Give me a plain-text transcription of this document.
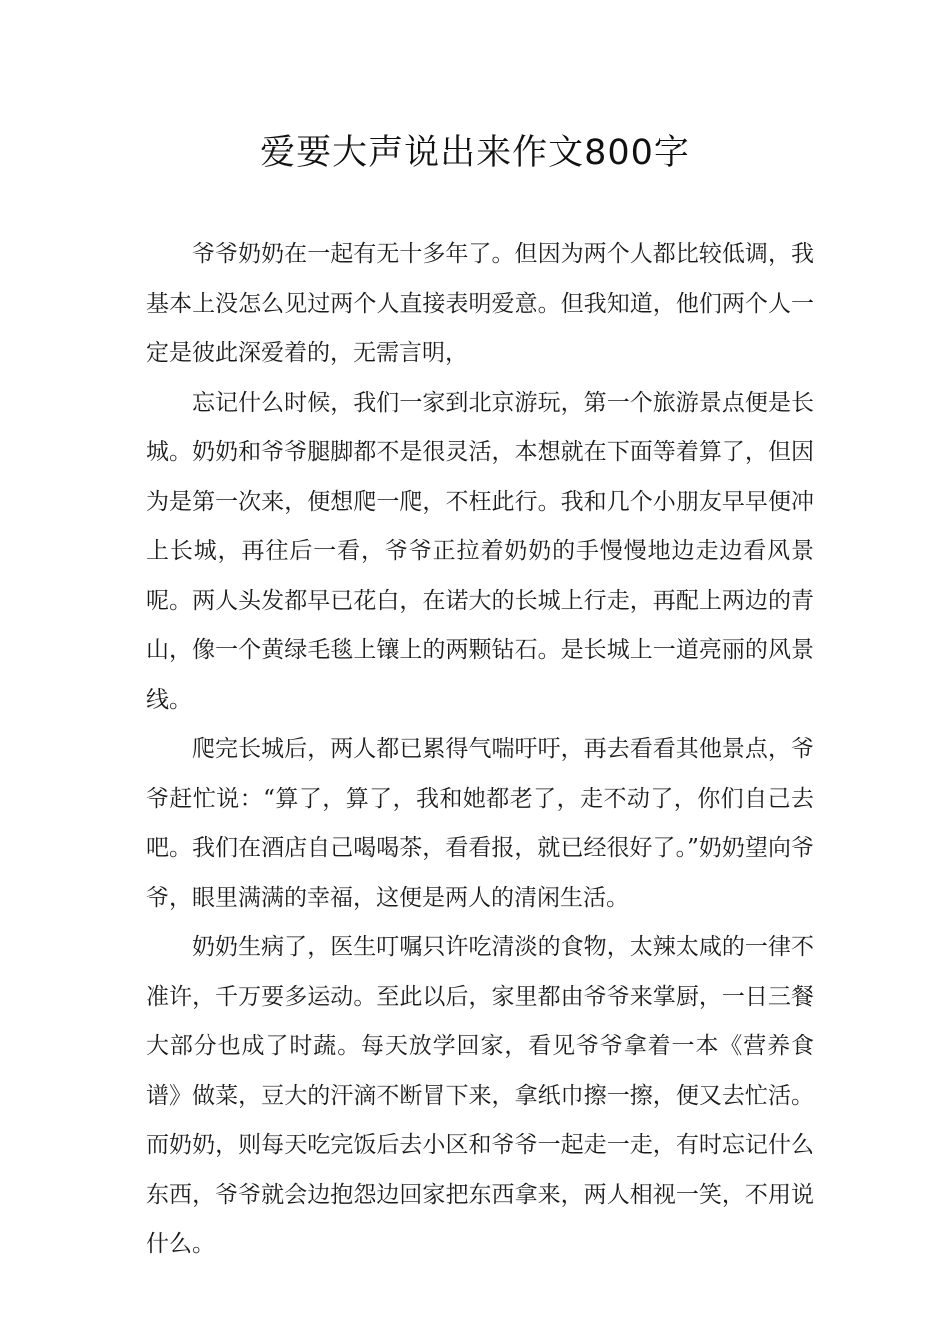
爱要大声说出来作文800字

爷爷奶奶在一起有无十多年了。但因为两个人都比较低调，我基本上没怎么见过两个人直接表明爱意。但我知道，他们两个人一定是彼此深爱着的，无需言明，

忘记什么时候，我们一家到北京游玩，第一个旅游景点便是长城。奶奶和爷爷腿脚都不是很灵活，本想就在下面等着算了，但因为是第一次来，便想爬一爬，不枉此行。我和几个小朋友早早便冲上长城，再往后一看，爷爷正拉着奶奶的手慢慢地边走边看风景呢。两人头发都早已花白，在诺大的长城上行走，再配上两边的青山，像一个黄绿毛毯上镶上的两颗钻石。是长城上一道亮丽的风景线。

爬完长城后，两人都已累得气喘吁吁，再去看看其他景点，爷爷赶忙说：“算了，算了，我和她都老了，走不动了，你们自己去吧。我们在酒店自己喝喝茶，看看报，就已经很好了。”奶奶望向爷爷，眼里满满的幸福，这便是两人的清闲生活。

奶奶生病了，医生叮嘱只许吃清淡的食物，太辣太咸的一律不准许，千万要多运动。至此以后，家里都由爷爷来掌厨，一日三餐大部分也成了时蔬。每天放学回家，看见爷爷拿着一本《营养食谱》做菜，豆大的汗滴不断冒下来，拿纸巾擦一擦，便又去忙活。而奶奶，则每天吃完饭后去小区和爷爷一起走一走，有时忘记什么东西，爷爷就会边抱怨边回家把东西拿来，两人相视一笑，不用说什么。
